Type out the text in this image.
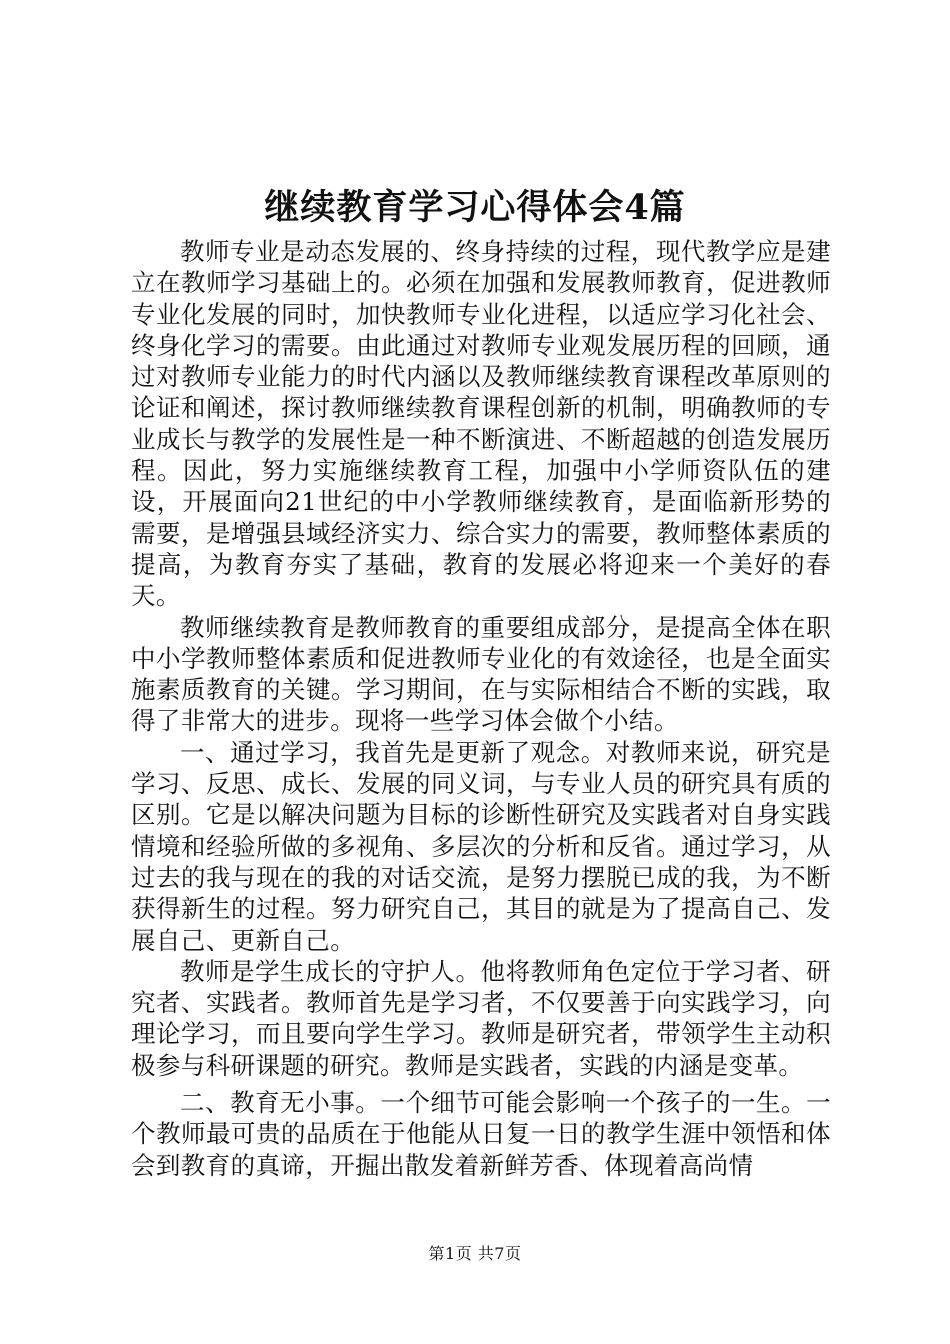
继续教育学习心得体会4篇

教师专业是动态发展的、终身持续的过程，现代教学应是建立在教师学习基础上的。必须在加强和发展教师教育，促进教师专业化发展的同时，加快教师专业化进程，以适应学习化社会、终身化学习的需要。由此通过对教师专业观发展历程的回顾，通过对教师专业能力的时代内涵以及教师继续教育课程改革原则的论证和阐述，探讨教师继续教育课程创新的机制，明确教师的专业成长与教学的发展性是一种不断演进、不断超越的创造发展历程。因此，努力实施继续教育工程，加强中小学师资队伍的建设，开展面向21世纪的中小学教师继续教育，是面临新形势的需要，是增强县域经济实力、综合实力的需要，教师整体素质的提高，为教育夯实了基础，教育的发展必将迎来一个美好的春天。

教师继续教育是教师教育的重要组成部分，是提高全体在职中小学教师整体素质和促进教师专业化的有效途径，也是全面实施素质教育的关键。学习期间，在与实际相结合不断的实践，取得了非常大的进步。现将一些学习体会做个小结。

一、通过学习，我首先是更新了观念。对教师来说，研究是学习、反思、成长、发展的同义词，与专业人员的研究具有质的区别。它是以解决问题为目标的诊断性研究及实践者对自身实践情境和经验所做的多视角、多层次的分析和反省。通过学习，从过去的我与现在的我的对话交流，是努力摆脱已成的我，为不断获得新生的过程。努力研究自己，其目的就是为了提高自己、发展自己、更新自己。

教师是学生成长的守护人。他将教师角色定位于学习者、研究者、实践者。教师首先是学习者，不仅要善于向实践学习，向理论学习，而且要向学生学习。教师是研究者，带领学生主动积极参与科研课题的研究。教师是实践者，实践的内涵是变革。

二、教育无小事。一个细节可能会影响一个孩子的一生。一个教师最可贵的品质在于他能从日复一日的教学生涯中领悟和体会到教育的真谛，开掘出散发着新鲜芳香、体现着高尚情

第1页 共7页
